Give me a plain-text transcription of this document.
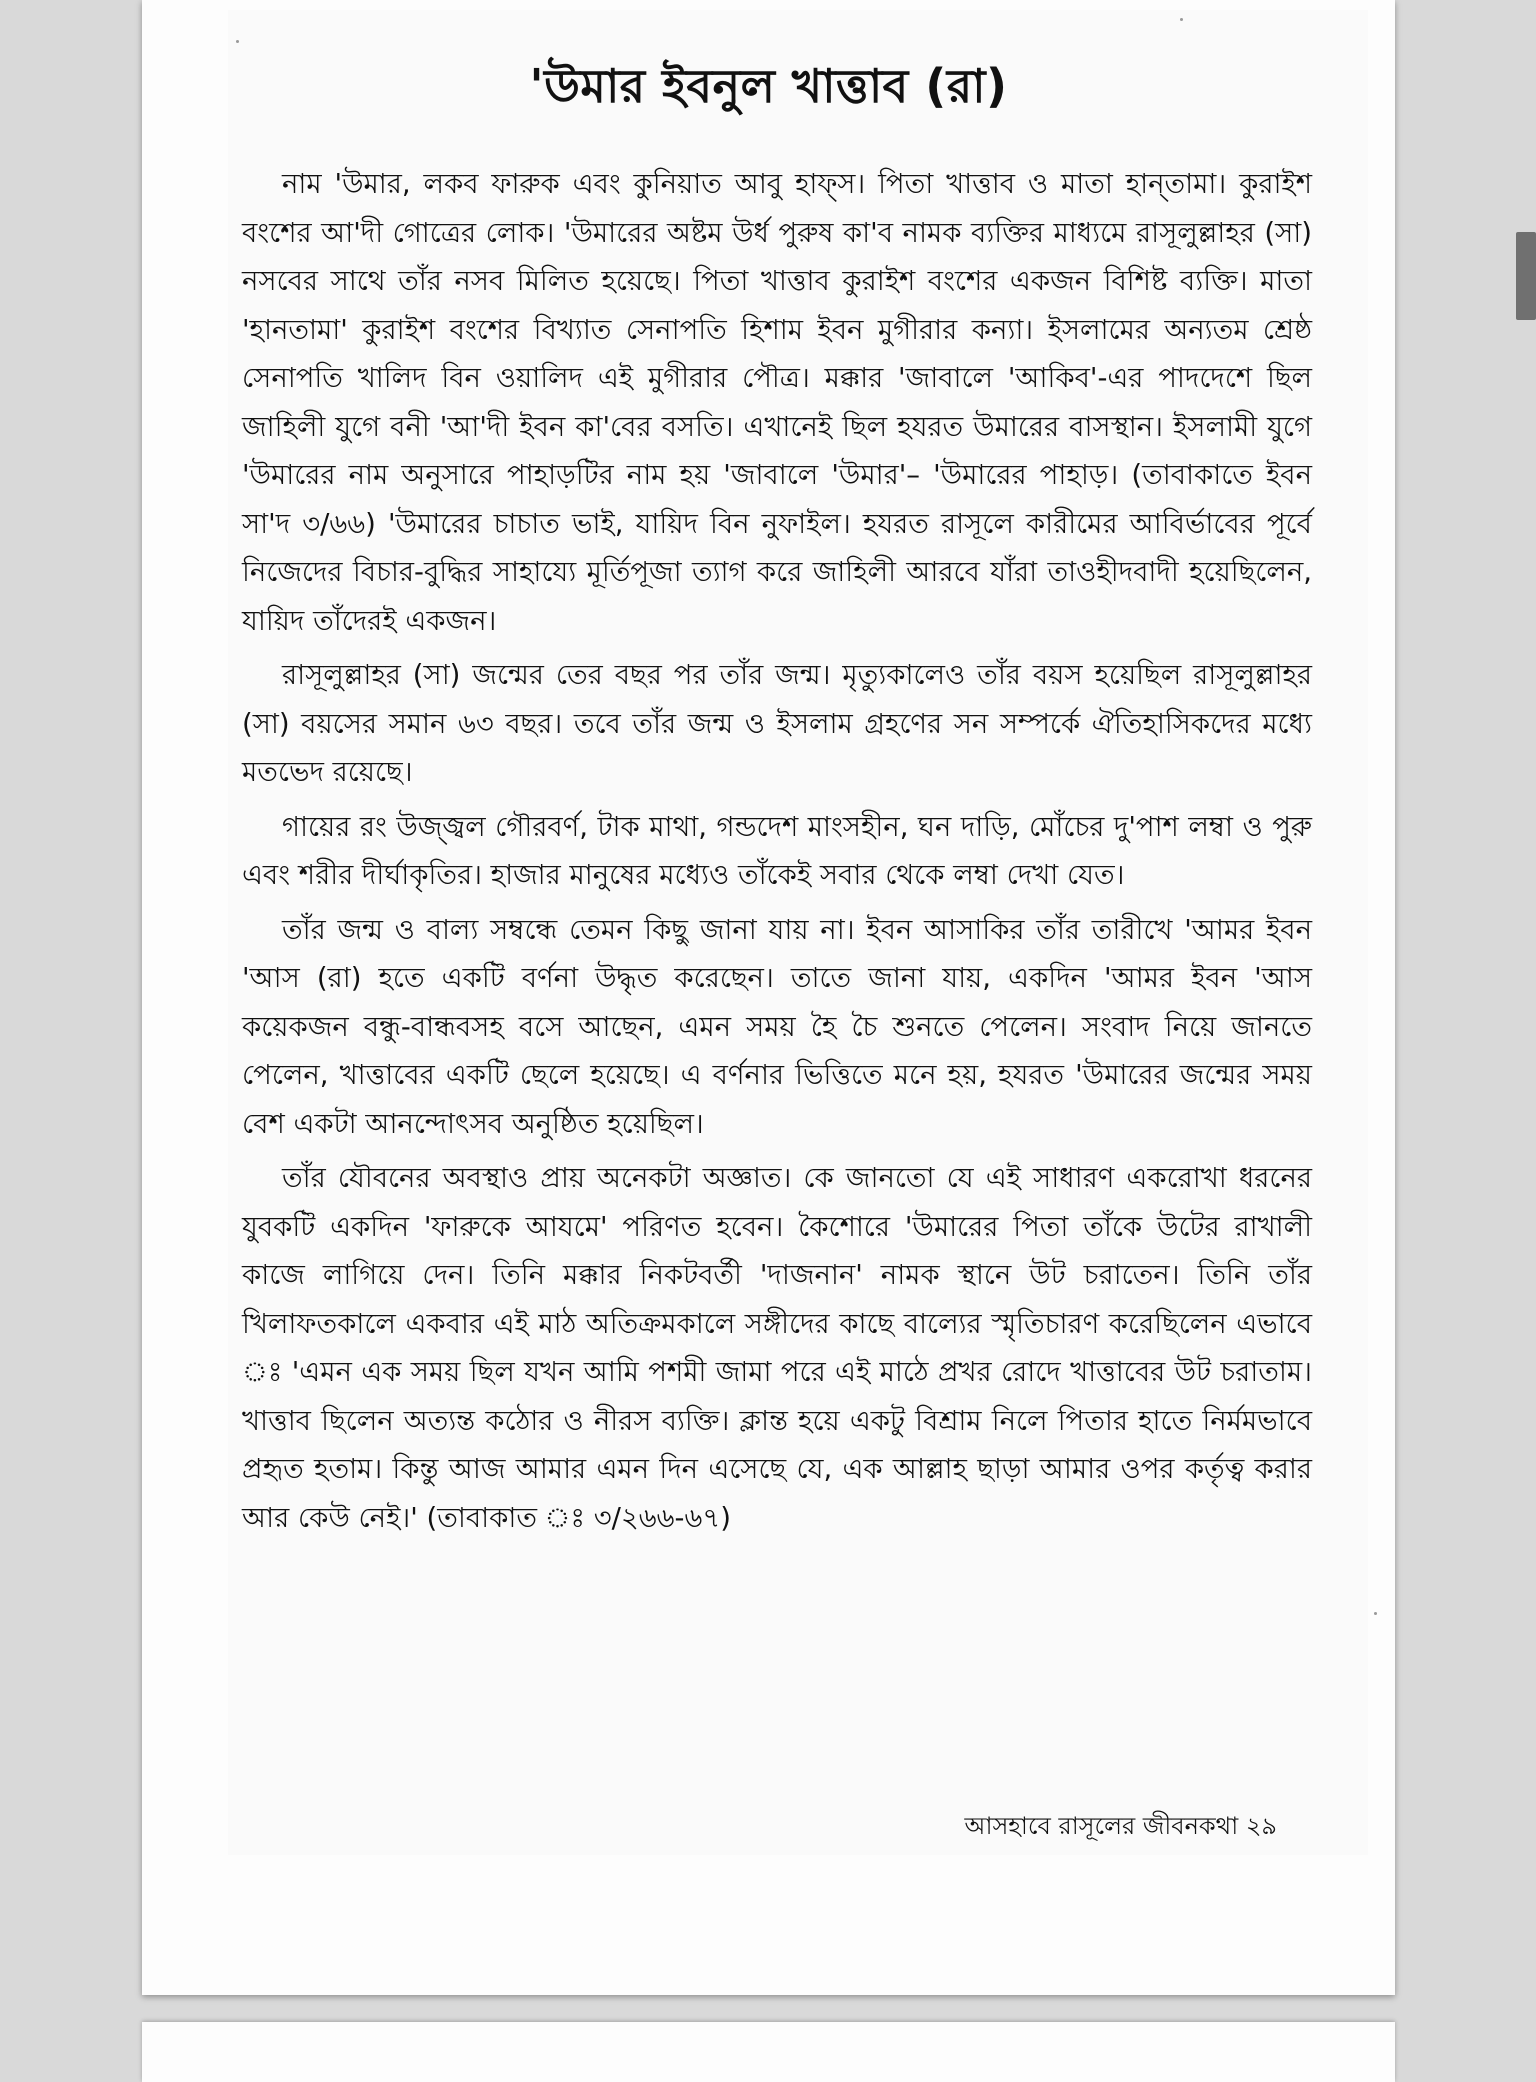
'উমার ইবনুল খাত্তাব (রা)

নাম 'উমার, লকব ফারুক এবং কুনিয়াত আবু হাফ্স। পিতা খাত্তাব ও মাতা হান্‌তামা। কুরাইশ বংশের আ'দী গোত্রের লোক। 'উমারের অষ্টম উর্ধ পুরুষ কা'ব নামক ব্যক্তির মাধ্যমে রাসূলুল্লাহর (সা) নসবের সাথে তাঁর নসব মিলিত হয়েছে। পিতা খাত্তাব কুরাইশ বংশের একজন বিশিষ্ট ব্যক্তি। মাতা 'হানতামা' কুরাইশ বংশের বিখ্যাত সেনাপতি হিশাম ইবন মুগীরার কন্যা। ইসলামের অন্যতম শ্রেষ্ঠ সেনাপতি খালিদ বিন ওয়ালিদ এই মুগীরার পৌত্র। মক্কার 'জাবালে 'আকিব'-এর পাদদেশে ছিল জাহিলী যুগে বনী 'আ'দী ইবন কা'বের বসতি। এখানেই ছিল হযরত উমারের বাসস্থান। ইসলামী যুগে 'উমারের নাম অনুসারে পাহাড়টির নাম হয় 'জাবালে 'উমার'– 'উমারের পাহাড়। (তাবাকাতে ইবন সা'দ ৩/৬৬) 'উমারের চাচাত ভাই, যায়িদ বিন নুফাইল। হযরত রাসূলে কারীমের আবির্ভাবের পূর্বে নিজেদের বিচার-বুদ্ধির সাহায্যে মূর্তিপূজা ত্যাগ করে জাহিলী আরবে যাঁরা তাওহীদবাদী হয়েছিলেন, যায়িদ তাঁদেরই একজন।

রাসূলুল্লাহর (সা) জন্মের তের বছর পর তাঁর জন্ম। মৃত্যুকালেও তাঁর বয়স হয়েছিল রাসূলুল্লাহর (সা) বয়সের সমান ৬৩ বছর। তবে তাঁর জন্ম ও ইসলাম গ্রহণের সন সম্পর্কে ঐতিহাসিকদের মধ্যে মতভেদ রয়েছে।

গায়ের রং উজ্জ্বল গৌরবর্ণ, টাক মাথা, গন্ডদেশ মাংসহীন, ঘন দাড়ি, মোঁচের দু'পাশ লম্বা ও পুরু এবং শরীর দীর্ঘাকৃতির। হাজার মানুষের মধ্যেও তাঁকেই সবার থেকে লম্বা দেখা যেত।

তাঁর জন্ম ও বাল্য সম্বন্ধে তেমন কিছু জানা যায় না। ইবন আসাকির তাঁর তারীখে 'আমর ইবন 'আস (রা) হতে একটি বর্ণনা উদ্ধৃত করেছেন। তাতে জানা যায়, একদিন 'আমর ইবন 'আস কয়েকজন বন্ধু-বান্ধবসহ বসে আছেন, এমন সময় হৈ চৈ শুনতে পেলেন। সংবাদ নিয়ে জানতে পেলেন, খাত্তাবের একটি ছেলে হয়েছে। এ বর্ণনার ভিত্তিতে মনে হয়, হযরত 'উমারের জন্মের সময় বেশ একটা আনন্দোৎসব অনুষ্ঠিত হয়েছিল।

তাঁর যৌবনের অবস্থাও প্রায় অনেকটা অজ্ঞাত। কে জানতো যে এই সাধারণ একরোখা ধরনের যুবকটি একদিন 'ফারুকে আযমে' পরিণত হবেন। কৈশোরে 'উমারের পিতা তাঁকে উটের রাখালী কাজে লাগিয়ে দেন। তিনি মক্কার নিকটবর্তী 'দাজনান' নামক স্থানে উট চরাতেন। তিনি তাঁর খিলাফতকালে একবার এই মাঠ অতিক্রমকালে সঙ্গীদের কাছে বাল্যের স্মৃতিচারণ করেছিলেন এভাবে ঃ 'এমন এক সময় ছিল যখন আমি পশমী জামা পরে এই মাঠে প্রখর রোদে খাত্তাবের উট চরাতাম। খাত্তাব ছিলেন অত্যন্ত কঠোর ও নীরস ব্যক্তি। ক্লান্ত হয়ে একটু বিশ্রাম নিলে পিতার হাতে নির্মমভাবে প্রহৃত হতাম। কিন্তু আজ আমার এমন দিন এসেছে যে, এক আল্লাহ ছাড়া আমার ওপর কর্তৃত্ব করার আর কেউ নেই।' (তাবাকাত ঃ ৩/২৬৬-৬৭)

আসহাবে রাসূলের জীবনকথা ২৯
